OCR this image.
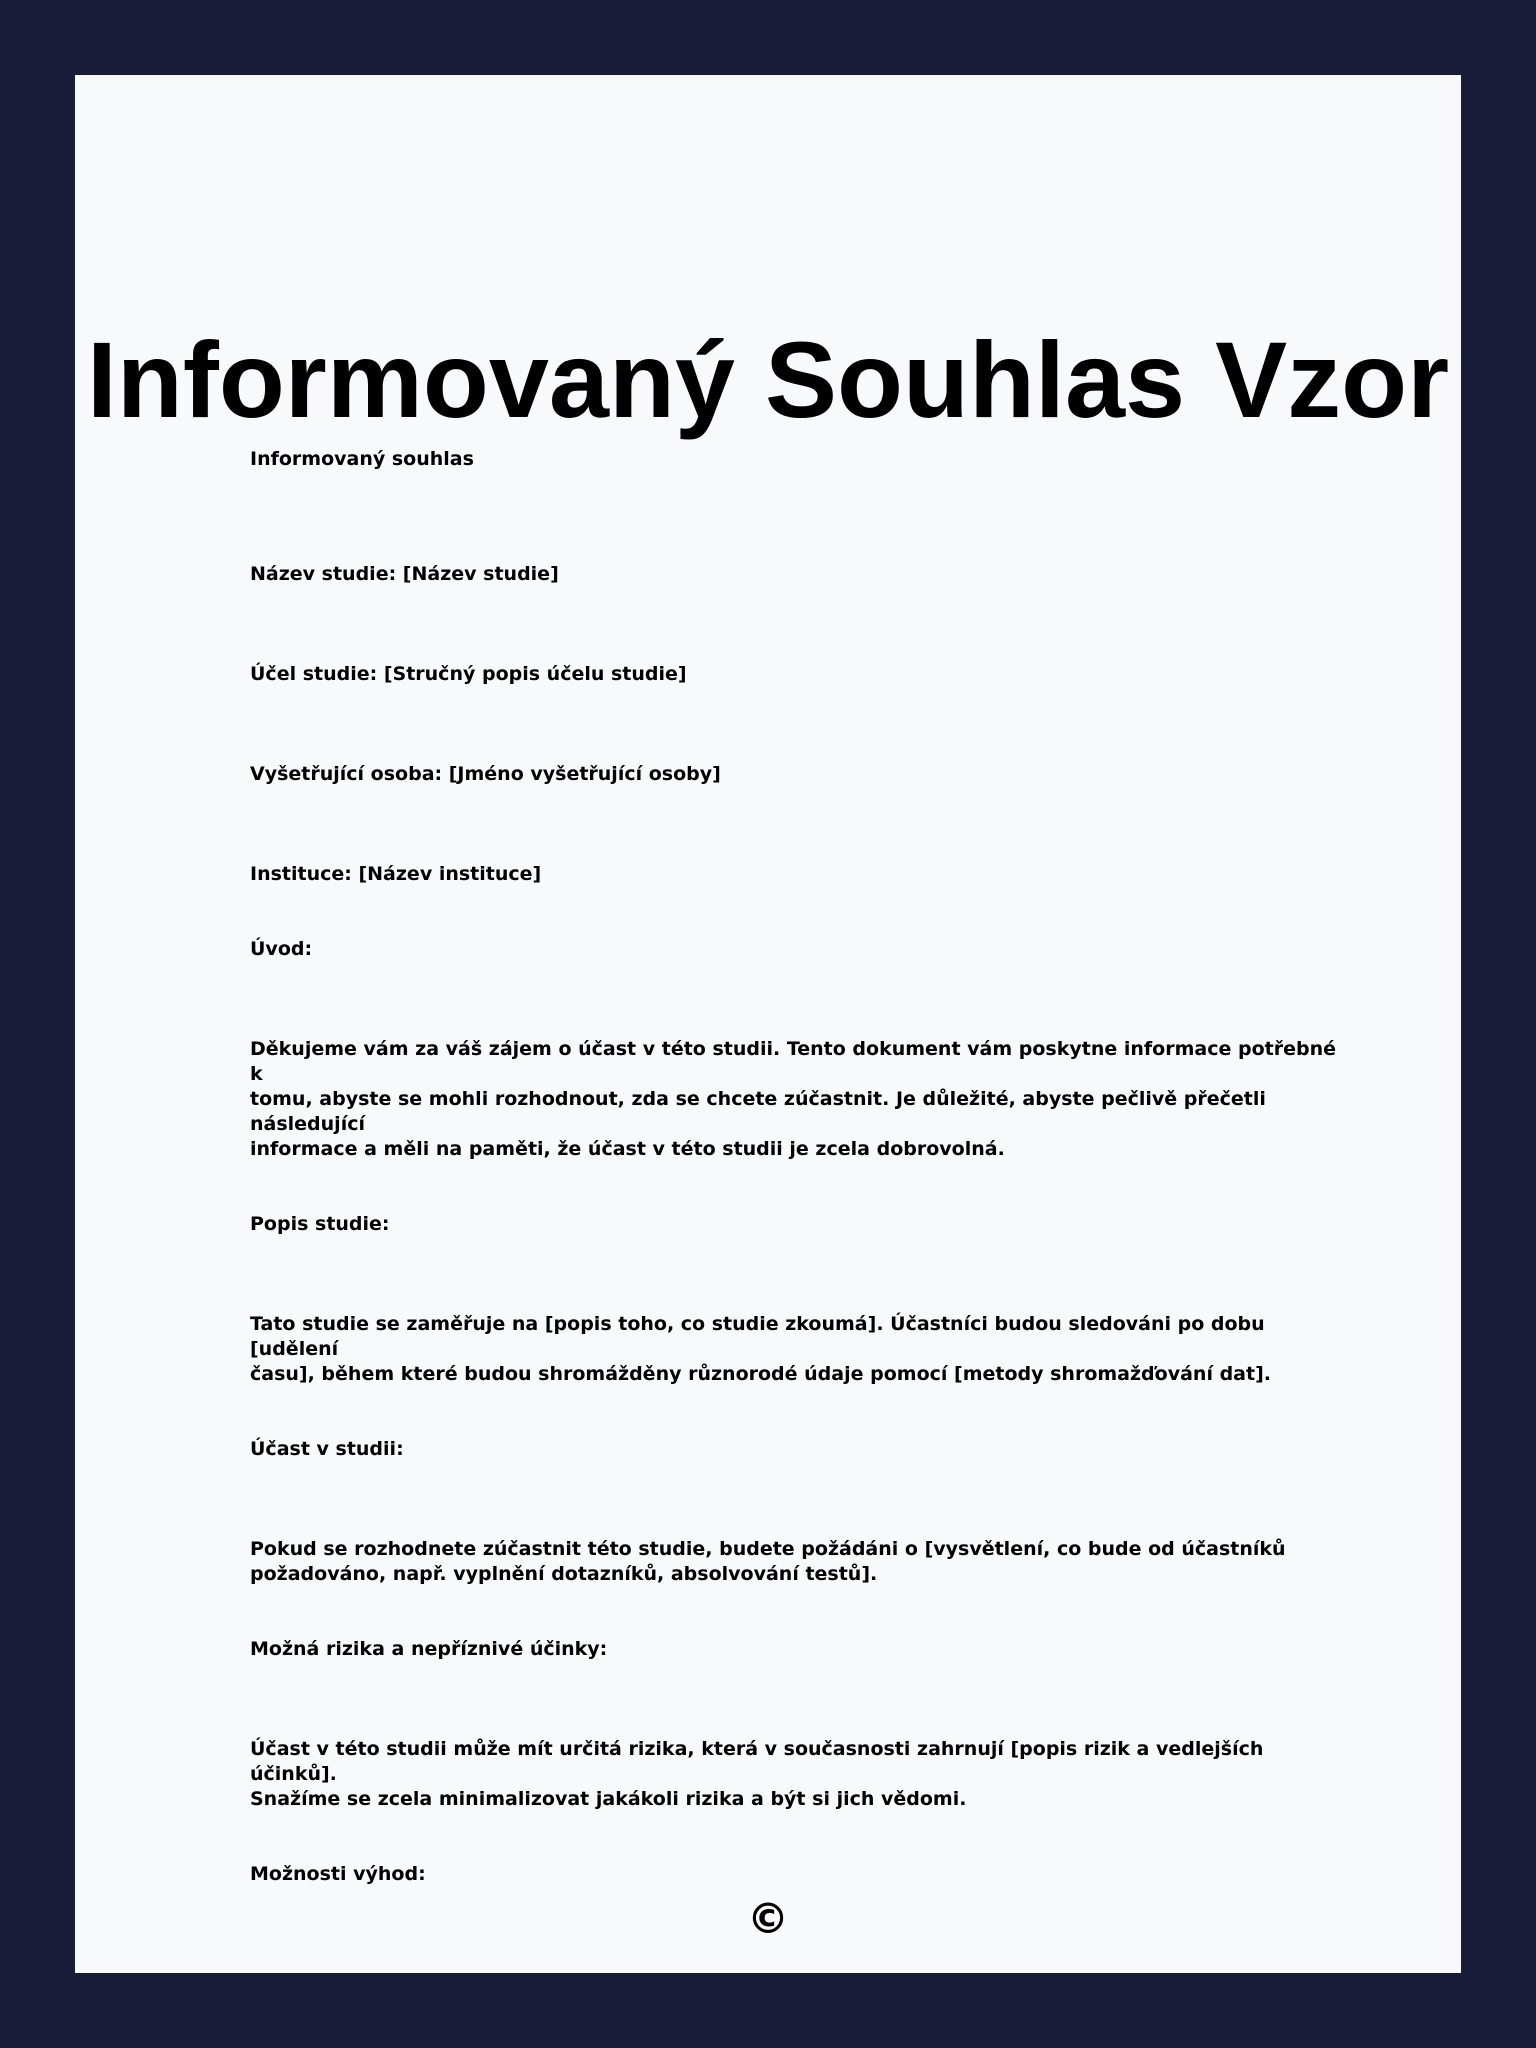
Informovaný Souhlas Vzor

Informovaný souhlas

Název studie: [Název studie]

Účel studie: [Stručný popis účelu studie]

Vyšetřující osoba: [Jméno vyšetřující osoby]

Instituce: [Název instituce]

Úvod:

Děkujeme vám za váš zájem o účast v této studii. Tento dokument vám poskytne informace potřebné k
tomu, abyste se mohli rozhodnout, zda se chcete zúčastnit. Je důležité, abyste pečlivě přečetli následující
informace a měli na paměti, že účast v této studii je zcela dobrovolná.

Popis studie:

Tato studie se zaměřuje na [popis toho, co studie zkoumá]. Účastníci budou sledováni po dobu [udělení
času], během které budou shromážděny různorodé údaje pomocí [metody shromažďování dat].

Účast v studii:

Pokud se rozhodnete zúčastnit této studie, budete požádáni o [vysvětlení, co bude od účastníků
požadováno, např. vyplnění dotazníků, absolvování testů].

Možná rizika a nepříznivé účinky:

Účast v této studii může mít určitá rizika, která v současnosti zahrnují [popis rizik a vedlejších účinků].
Snažíme se zcela minimalizovat jakákoli rizika a být si jich vědomi.

Možnosti výhod:

©
